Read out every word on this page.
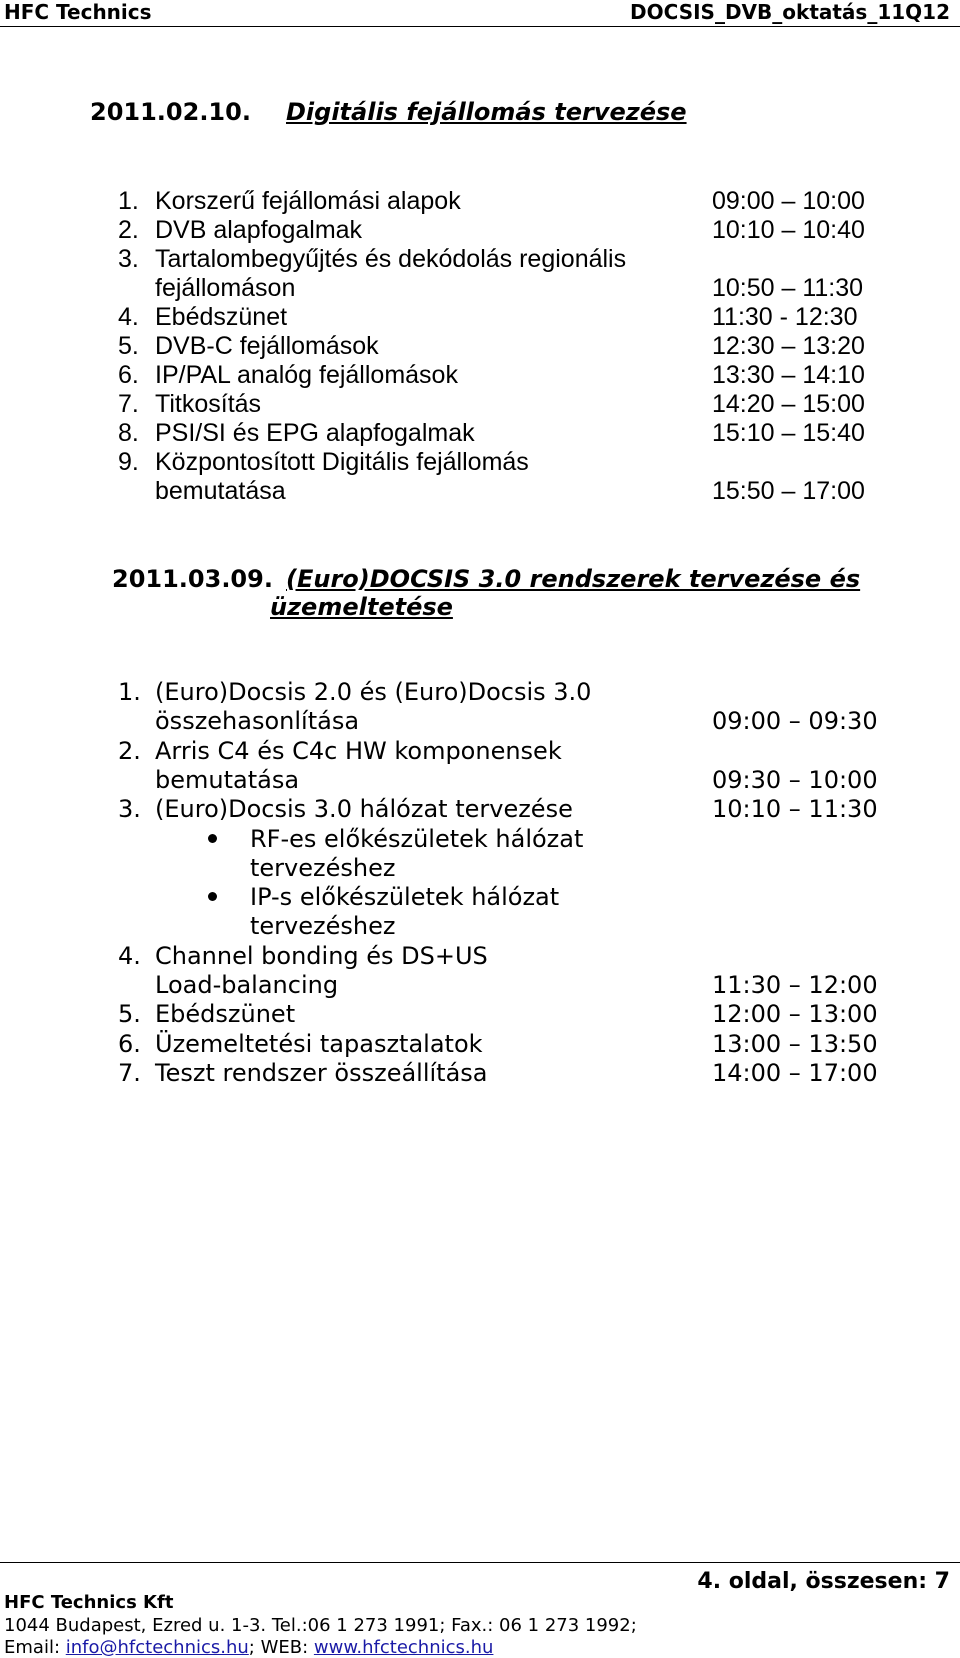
HFC Technics	DOCSIS_DVB_oktatás_11Q12
2011.02.10. Digitális fejállomás tervezése
1. Korszerű fejállomási alapok	09:00 – 10:00
2. DVB alapfogalmak	10:10 – 10:40
3. Tartalombegyűjtés és dekódolás regionális
fejállomáson	10:50 – 11:30
4. Ebédszünet	11:30 - 12:30
5. DVB-C fejállomások	12:30 – 13:20
6. IP/PAL analóg fejállomások	13:30 – 14:10
7. Titkosítás	14:20 – 15:00
8. PSI/SI és EPG alapfogalmak	15:10 – 15:40
9. Központosított Digitális fejállomás
bemutatása	15:50 – 17:00
2011.03.09. (Euro)DOCSIS 3.0 rendszerek tervezése és
üzemeltetése
1. (Euro)Docsis 2.0 és (Euro)Docsis 3.0
összehasonlítása	09:00 – 09:30
2. Arris C4 és C4c HW komponensek
bemutatása	09:30 – 10:00
3. (Euro)Docsis 3.0 hálózat tervezése	10:10 – 11:30
RF-es előkészületek hálózat
tervezéshez
IP-s előkészületek hálózat
tervezéshez
4. Channel bonding és DS+US
Load-balancing	11:30 – 12:00
5. Ebédszünet	12:00 – 13:00
6. Üzemeltetési tapasztalatok	13:00 – 13:50
7. Teszt rendszer összeállítása	14:00 – 17:00
4. oldal, összesen: 7
HFC Technics Kft
1044 Budapest, Ezred u. 1-3. Tel.:06 1 273 1991; Fax.: 06 1 273 1992;
Email: info@hfctechnics.hu; WEB: www.hfctechnics.hu
